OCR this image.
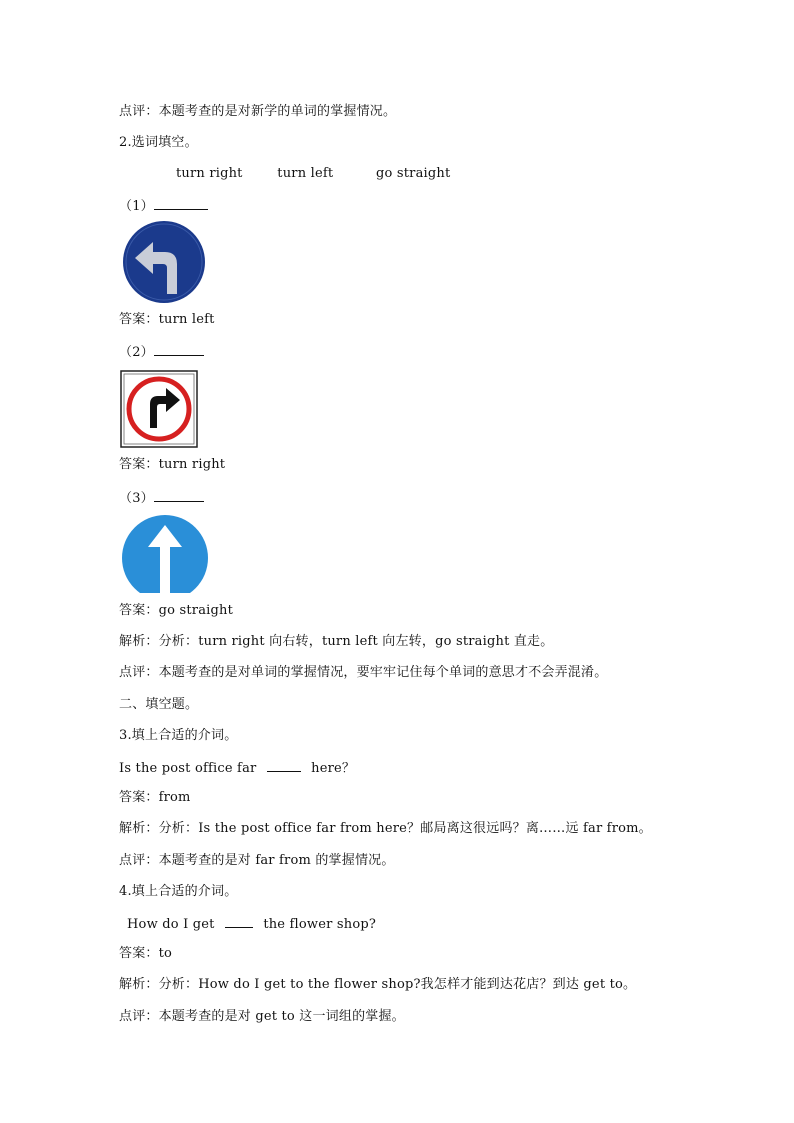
点评：本题考查的是对新学的单词的掌握情况。
2.选词填空。
turn right	turn left	go straight
（1）
答案：turn left
（2）
答案：turn right
（3）
答案：go straight
解析：分析：turn right 向右转，turn left 向左转，go straight 直走。
点评：本题考查的是对单词的掌握情况，要牢牢记住每个单词的意思才不会弄混淆。
二、填空题。
3.填上合适的介词。
Is the post office far	here？
答案：from
解析：分析：Is the post office far from here？邮局离这很远吗？离……远 far from。
点评：本题考查的是对 far from 的掌握情况。
4.填上合适的介词。
How do I get	the flower shop?
答案：to
解析：分析：How do I get to the flower shop?我怎样才能到达花店？到达 get to。
点评：本题考查的是对 get to 这一词组的掌握。
